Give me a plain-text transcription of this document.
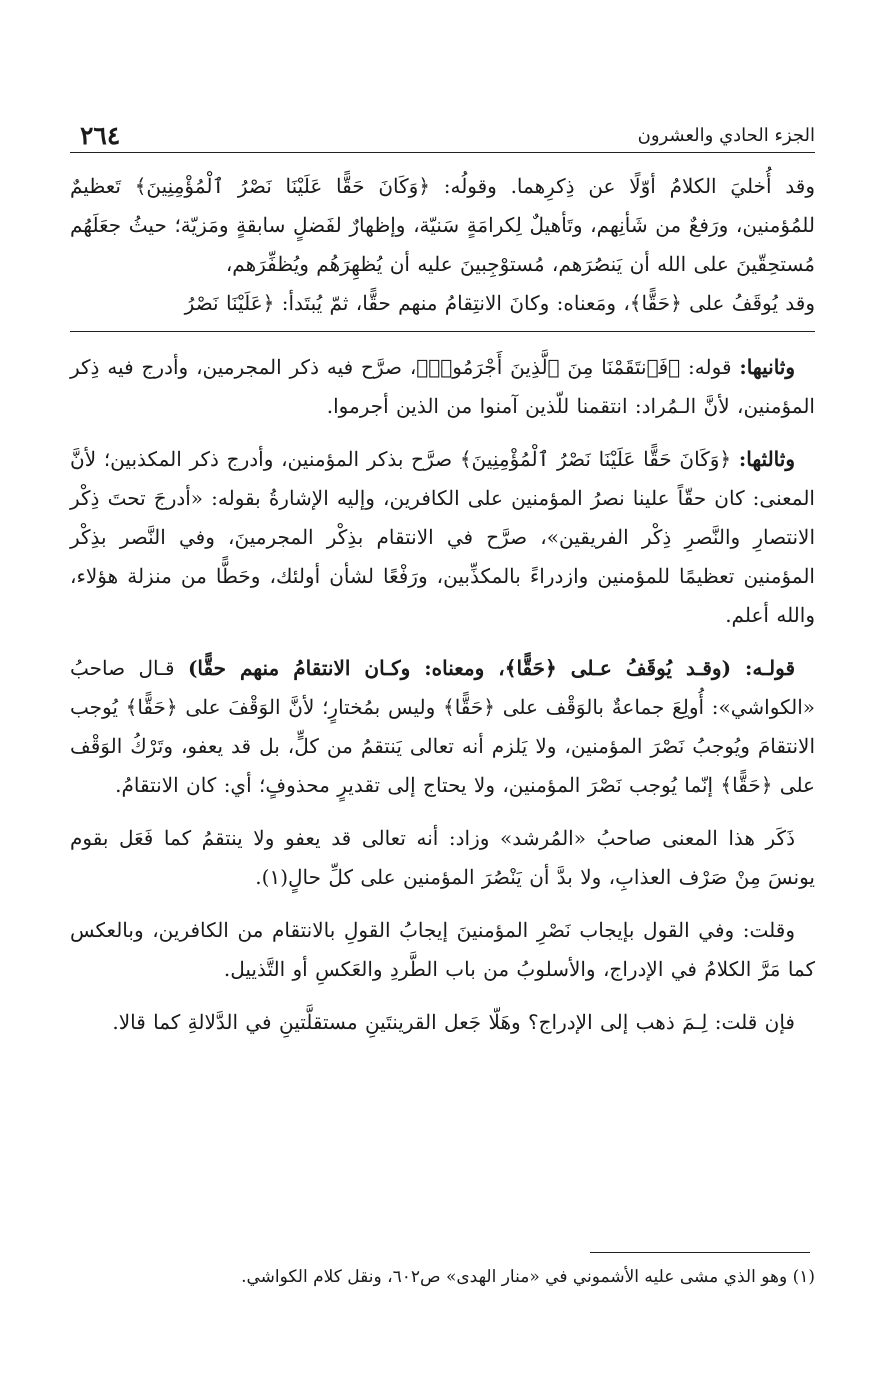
الجزء الحادي والعشرون
٢٦٤

وقد أُخليَ الكلامُ أوّلًا عن ذِكرِهما. وقولُه: ﴿وَكَانَ حَقًّا عَلَيْنَا نَصْرُ ٱلْمُؤْمِنِينَ﴾ تَعظيمٌ للمُؤمنين، ورَفعٌ من شَأنِهم، وتَأهيلٌ لِكرامَةٍ سَنيّة، وإظهارٌ لفَضلٍ سابقةٍ ومَزيّة؛ حيثُ جعَلَهُم مُستحِقّينَ على الله أن يَنصُرَهم، مُستوْجِبينَ عليه أن يُظهِرَهُم ويُظفِّرَهم،

وقد يُوقَفُ على ﴿حَقًّا﴾، ومَعناه: وكانَ الانتِقامُ منهم حقًّا، ثمّ يُبتَدأ: ﴿عَلَيْنَا نَصْرُ

وثانيها: قوله: ﴿فَٱنتَقَمْنَا مِنَ ٱلَّذِينَ أَجْرَمُوا۟﴾، صرَّح فيه ذكر المجرمين، وأدرج فيه ذِكر المؤمنين، لأنَّ الـمُراد: انتقمنا للّذين آمنوا من الذين أجرموا.

وثالثها: ﴿وَكَانَ حَقًّا عَلَيْنَا نَصْرُ ٱلْمُؤْمِنِينَ﴾ صرَّح بذكر المؤمنين، وأدرج ذكر المكذبين؛ لأنَّ المعنى: كان حقّاً علينا نصرُ المؤمنين على الكافرين، وإليه الإشارةُ بقوله: «أدرجَ تحتَ ذِكْر الانتصارِ والنَّصرِ ذِكْر الفريقين»، صرَّح في الانتقام بذِكْر المجرمينَ، وفي النَّصر بذِكْر المؤمنين تعظيمًا للمؤمنين وازدراءً بالمكذِّبين، ورَفْعًا لشأن أولئك، وحَطًّا من منزلة هؤلاء، والله أعلم.

قولـه: (وقـد يُوقَفُ عـلى ﴿حَقًّا﴾، ومعناه: وكـان الانتقامُ منهم حقًّا) قـال صاحبُ «الكواشي»: أُولِعَ جماعةٌ بالوَقْف على ﴿حَقًّا﴾ وليس بمُختارٍ؛ لأنَّ الوَقْفَ على ﴿حَقًّا﴾ يُوجب الانتقامَ ويُوجبُ نَصْرَ المؤمنين، ولا يَلزم أنه تعالى يَنتقمُ من كلٍّ، بل قد يعفو، وتَرْكُ الوَقْف على ﴿حَقًّا﴾ إنّما يُوجب نَصْرَ المؤمنين، ولا يحتاج إلى تقديرٍ محذوفٍ؛ أي: كان الانتقامُ.

ذَكَر هذا المعنى صاحبُ «المُرشد» وزاد: أنه تعالى قد يعفو ولا ينتقمُ كما فَعَل بقوم يونسَ مِنْ صَرْف العذابِ، ولا بدَّ أن يَنْصُرَ المؤمنين على كلِّ حالٍ(١).

وقلت: وفي القول بإيجاب نَصْرِ المؤمنينَ إيجابُ القولِ بالانتقام من الكافرين، وبالعكس كما مَرَّ الكلامُ في الإدراج، والأسلوبُ من باب الطَّردِ والعَكسِ أو التَّذييل.

فإن قلت: لِـمَ ذهب إلى الإدراج؟ وهَلّا جَعل القرينتَينِ مستقلَّتينِ في الدَّلالةِ كما قالا.

(١) وهو الذي مشى عليه الأشموني في «منار الهدى» ص٦٠٢، ونقل كلام الكواشي.
